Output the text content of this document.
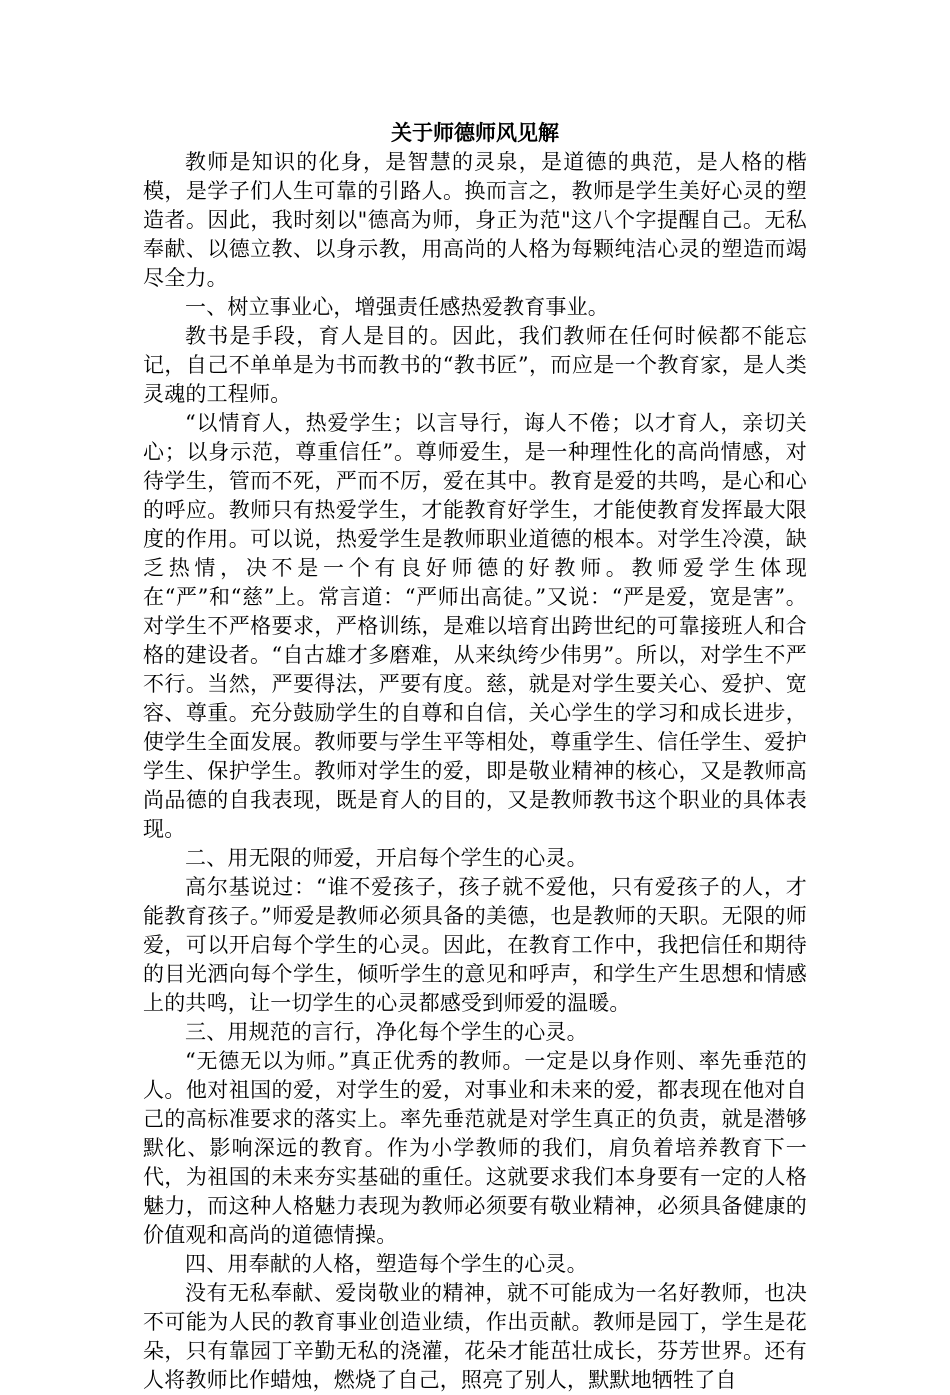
关于师德师风见解

教师是知识的化身，是智慧的灵泉，是道德的典范，是人格的楷模，是学子们人生可靠的引路人。换而言之，教师是学生美好心灵的塑造者。因此，我时刻以"德高为师，身正为范"这八个字提醒自己。无私奉献、以德立教、以身示教，用高尚的人格为每颗纯洁心灵的塑造而竭尽全力。

一、树立事业心，增强责任感热爱教育事业。

教书是手段，育人是目的。因此，我们教师在任何时候都不能忘记，自己不单单是为书而教书的“教书匠”，而应是一个教育家，是人类灵魂的工程师。

“以情育人，热爱学生；以言导行，诲人不倦；以才育人，亲切关心；以身示范，尊重信任”。尊师爱生，是一种理性化的高尚情感，对待学生，管而不死，严而不厉，爱在其中。教育是爱的共鸣，是心和心的呼应。教师只有热爱学生，才能教育好学生，才能使教育发挥最大限度的作用。可以说，热爱学生是教师职业道德的根本。对学生冷漠，缺乏热情，决不是一个有良好师德的好教师。教师爱学生体现在“严”和“慈”上。常言道：“严师出高徒。”又说：“严是爱，宽是害”。对学生不严格要求，严格训练，是难以培育出跨世纪的可靠接班人和合格的建设者。“自古雄才多磨难，从来纨绔少伟男”。所以，对学生不严不行。当然，严要得法，严要有度。慈，就是对学生要关心、爱护、宽容、尊重。充分鼓励学生的自尊和自信，关心学生的学习和成长进步，使学生全面发展。教师要与学生平等相处，尊重学生、信任学生、爱护学生、保护学生。教师对学生的爱，即是敬业精神的核心，又是教师高尚品德的自我表现，既是育人的目的，又是教师教书这个职业的具体表现。

二、用无限的师爱，开启每个学生的心灵。

高尔基说过：“谁不爱孩子，孩子就不爱他，只有爱孩子的人，才能教育孩子。”师爱是教师必须具备的美德，也是教师的天职。无限的师爱，可以开启每个学生的心灵。因此，在教育工作中，我把信任和期待的目光洒向每个学生，倾听学生的意见和呼声，和学生产生思想和情感上的共鸣，让一切学生的心灵都感受到师爱的温暖。

三、用规范的言行，净化每个学生的心灵。

“无德无以为师。”真正优秀的教师。一定是以身作则、率先垂范的人。他对祖国的爱，对学生的爱，对事业和未来的爱，都表现在他对自己的高标准要求的落实上。率先垂范就是对学生真正的负责，就是潜够默化、影响深远的教育。作为小学教师的我们，肩负着培养教育下一代，为祖国的未来夯实基础的重任。这就要求我们本身要有一定的人格魅力，而这种人格魅力表现为教师必须要有敬业精神，必须具备健康的价值观和高尚的道德情操。

四、用奉献的人格，塑造每个学生的心灵。

没有无私奉献、爱岗敬业的精神，就不可能成为一名好教师，也决不可能为人民的教育事业创造业绩，作出贡献。教师是园丁，学生是花朵，只有靠园丁辛勤无私的浇灌，花朵才能茁壮成长，芬芳世界。还有人将教师比作蜡烛，燃烧了自己，照亮了别人，默默地牺牲了自
